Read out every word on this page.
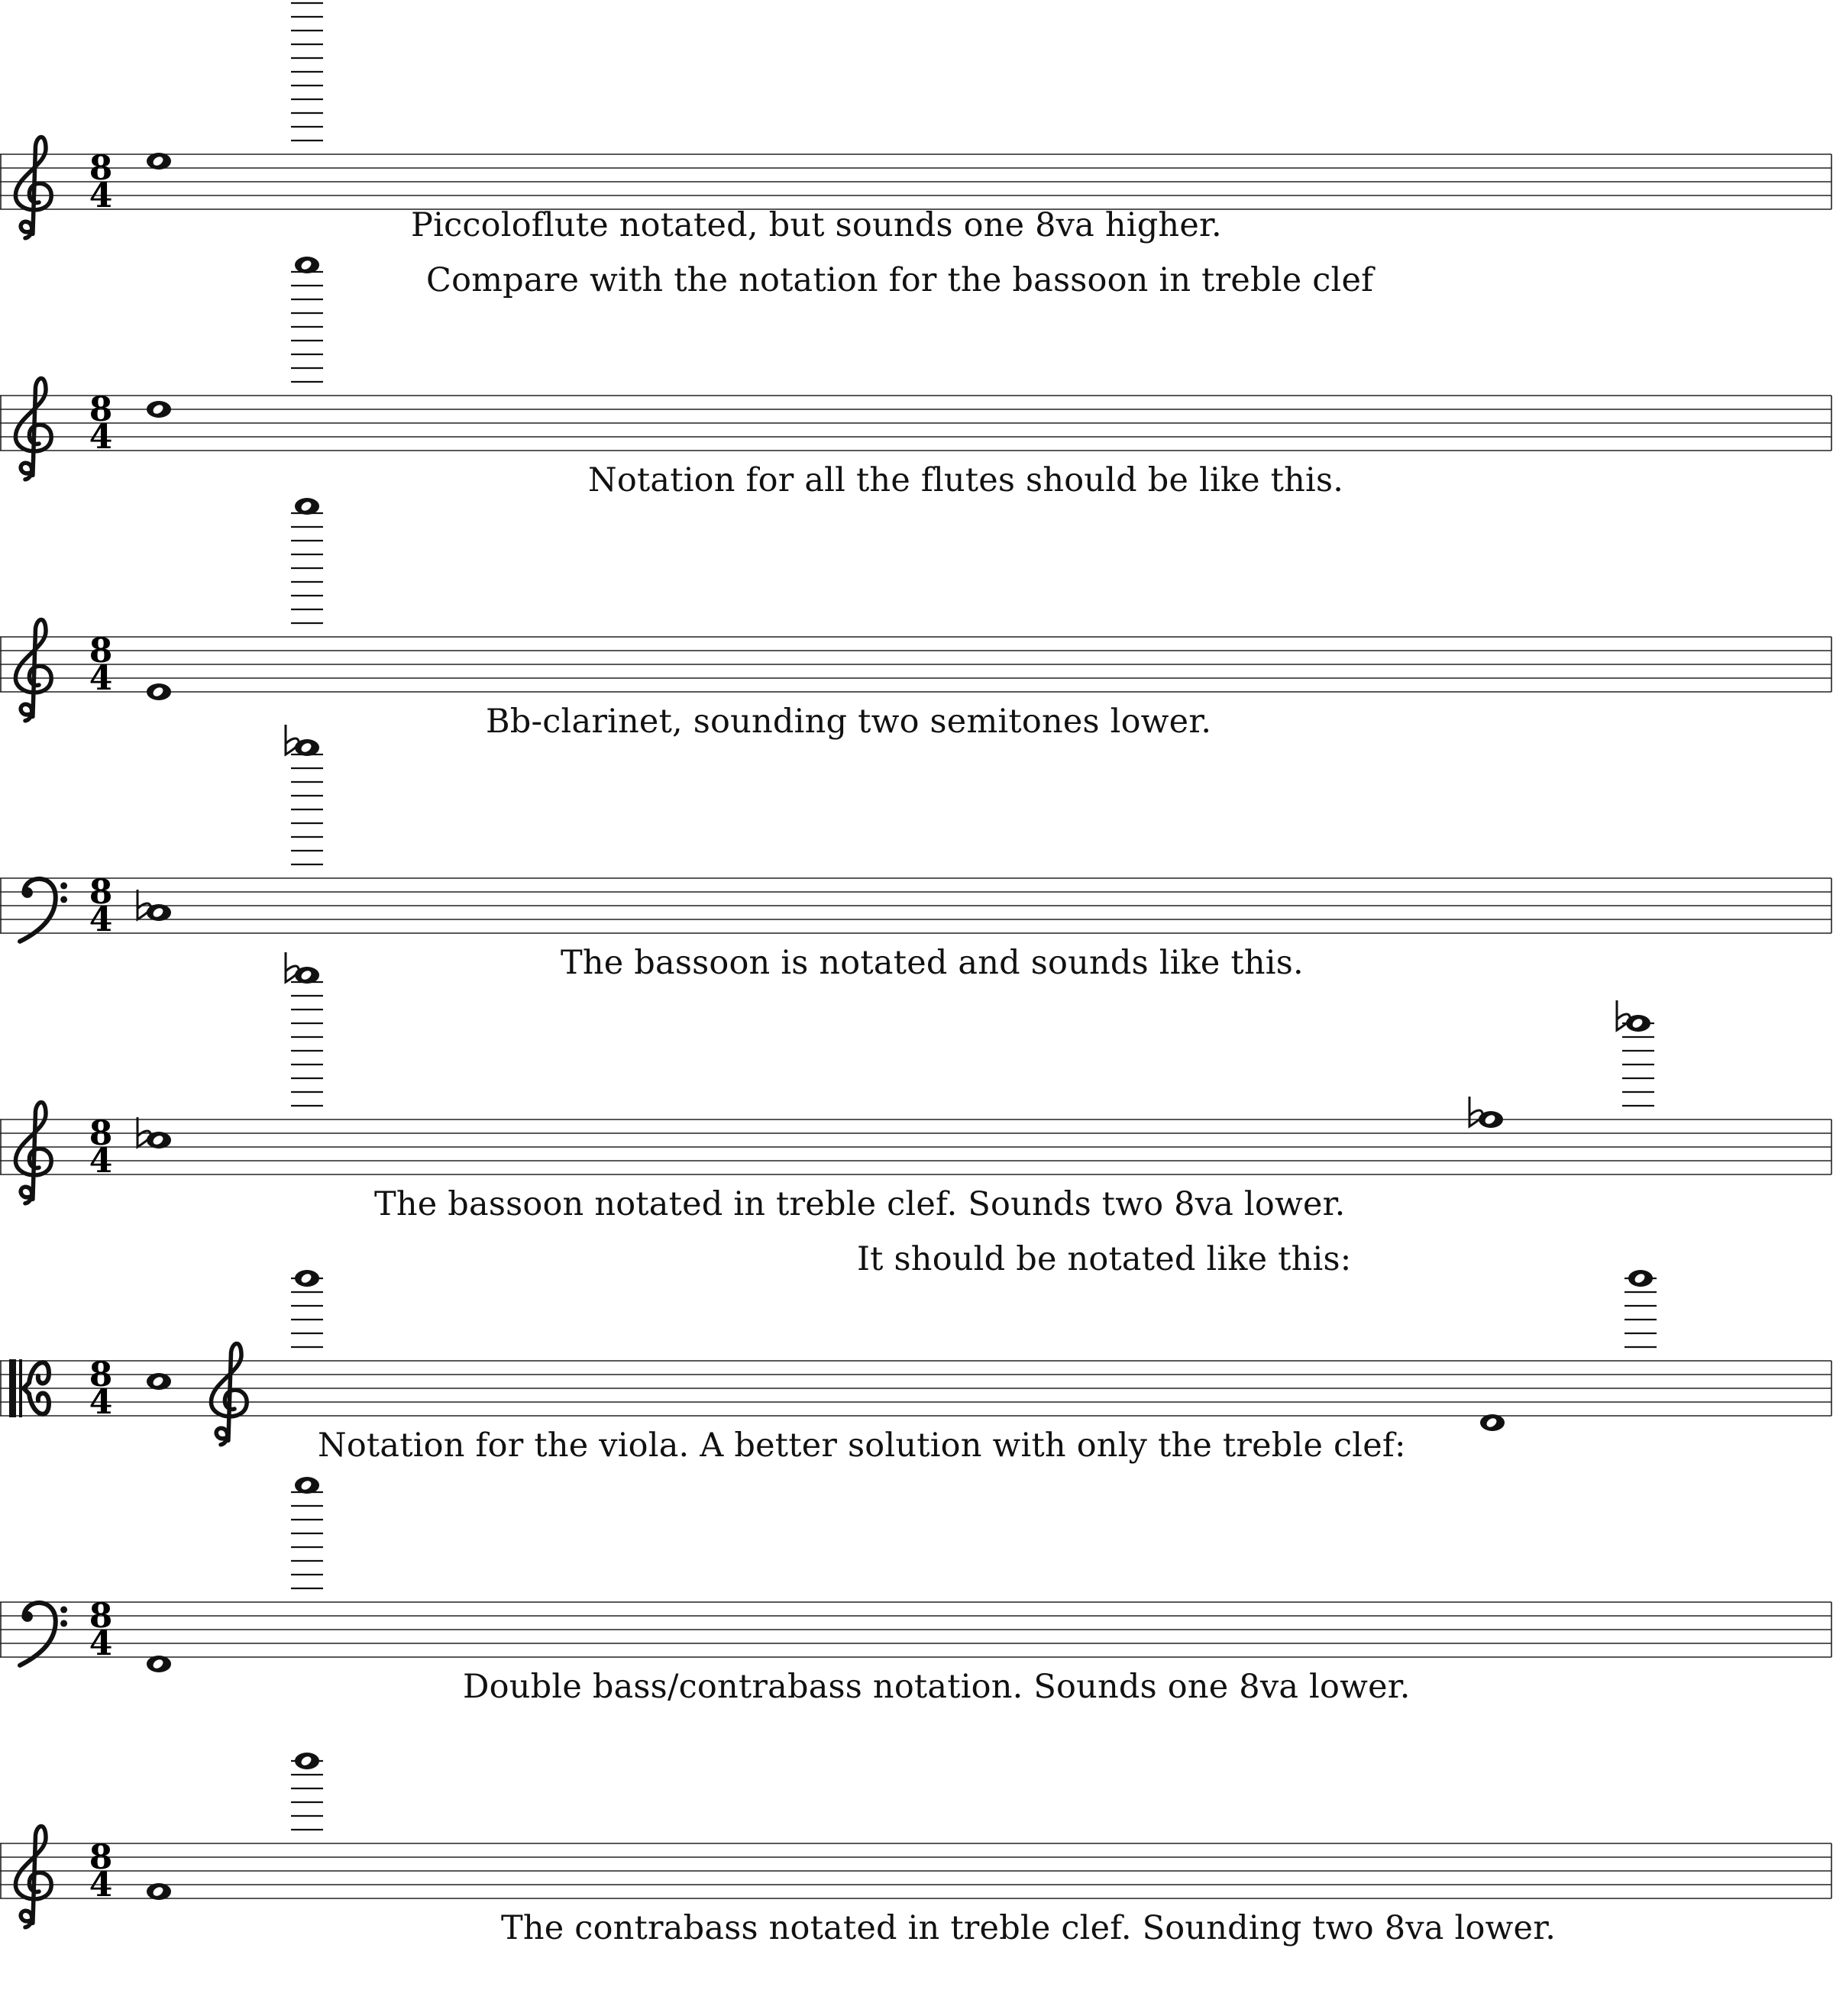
8
4
8
4
8
4
8
4
8
4
8
4
8
4
8
4
Piccoloflute notated, but sounds one 8va higher.
Compare with the notation for the bassoon in treble clef
Notation for all the flutes should be like this.
Bb-clarinet, sounding two semitones lower.
The bassoon is notated and sounds like this.
The bassoon notated in treble clef. Sounds two 8va lower.
It should be notated like this:
Notation for the viola. A better solution with only the treble clef:
Double bass/contrabass notation. Sounds one 8va lower.
The contrabass notated in treble clef. Sounding two 8va lower.
